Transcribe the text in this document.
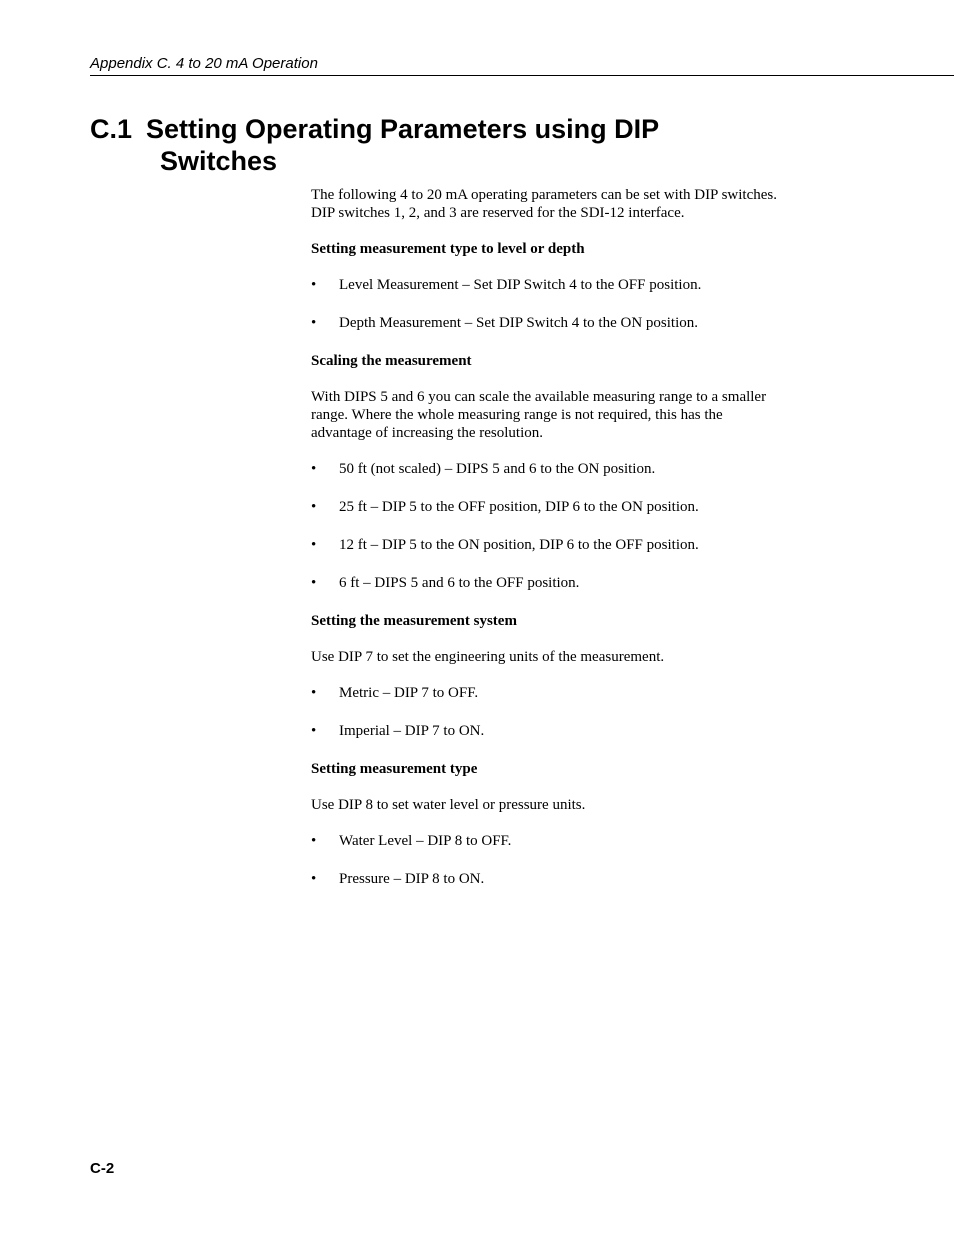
Appendix C. 4 to 20 mA Operation
C.1 Setting Operating Parameters using DIP
Switches

The following 4 to 20 mA operating parameters can be set with DIP switches.
DIP switches 1, 2, and 3 are reserved for the SDI-12 interface.

Setting measurement type to level or depth

• Level Measurement – Set DIP Switch 4 to the OFF position.
• Depth Measurement – Set DIP Switch 4 to the ON position.

Scaling the measurement

With DIPS 5 and 6 you can scale the available measuring range to a smaller
range. Where the whole measuring range is not required, this has the
advantage of increasing the resolution.

• 50 ft (not scaled) – DIPS 5 and 6 to the ON position.
• 25 ft – DIP 5 to the OFF position, DIP 6 to the ON position.
• 12 ft – DIP 5 to the ON position, DIP 6 to the OFF position.
• 6 ft – DIPS 5 and 6 to the OFF position.

Setting the measurement system

Use DIP 7 to set the engineering units of the measurement.

• Metric – DIP 7 to OFF.
• Imperial – DIP 7 to ON.

Setting measurement type

Use DIP 8 to set water level or pressure units.

• Water Level – DIP 8 to OFF.
• Pressure – DIP 8 to ON.
C-2
